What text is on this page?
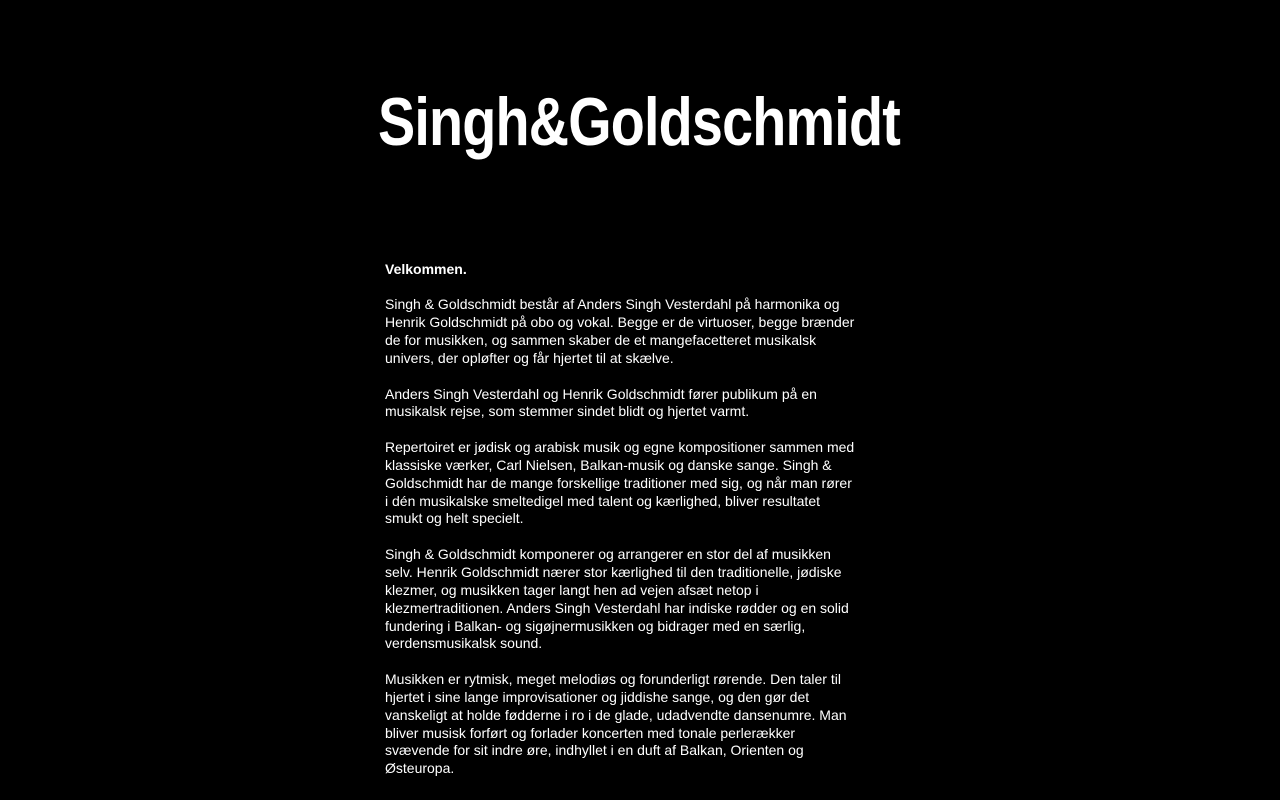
Singh&Goldschmidt

Velkommen.

Singh & Goldschmidt består af Anders Singh Vesterdahl på harmonika og Henrik Goldschmidt på obo og vokal. Begge er de virtuoser, begge brænder de for musikken, og sammen skaber de et mangefacetteret musikalsk univers, der opløfter og får hjertet til at skælve.

Anders Singh Vesterdahl og Henrik Goldschmidt fører publikum på en musikalsk rejse, som stemmer sindet blidt og hjertet varmt.

Repertoiret er jødisk og arabisk musik og egne kompositioner sammen med klassiske værker, Carl Nielsen, Balkan-musik og danske sange. Singh & Goldschmidt har de mange forskellige traditioner med sig, og når man rører i dén musikalske smeltedigel med talent og kærlighed, bliver resultatet smukt og helt specielt.

Singh & Goldschmidt komponerer og arrangerer en stor del af musikken selv. Henrik Goldschmidt nærer stor kærlighed til den traditionelle, jødiske klezmer, og musikken tager langt hen ad vejen afsæt netop i klezmertraditionen. Anders Singh Vesterdahl har indiske rødder og en solid fundering i Balkan- og sigøjnermusikken og bidrager med en særlig, verdensmusikalsk sound.

Musikken er rytmisk, meget melodiøs og forunderligt rørende. Den taler til hjertet i sine lange improvisationer og jiddishe sange, og den gør det vanskeligt at holde fødderne i ro i de glade, udadvendte dansenumre. Man bliver musisk forført og forlader koncerten med tonale perlerækker svævende for sit indre øre, indhyllet i en duft af Balkan, Orienten og Østeuropa.
